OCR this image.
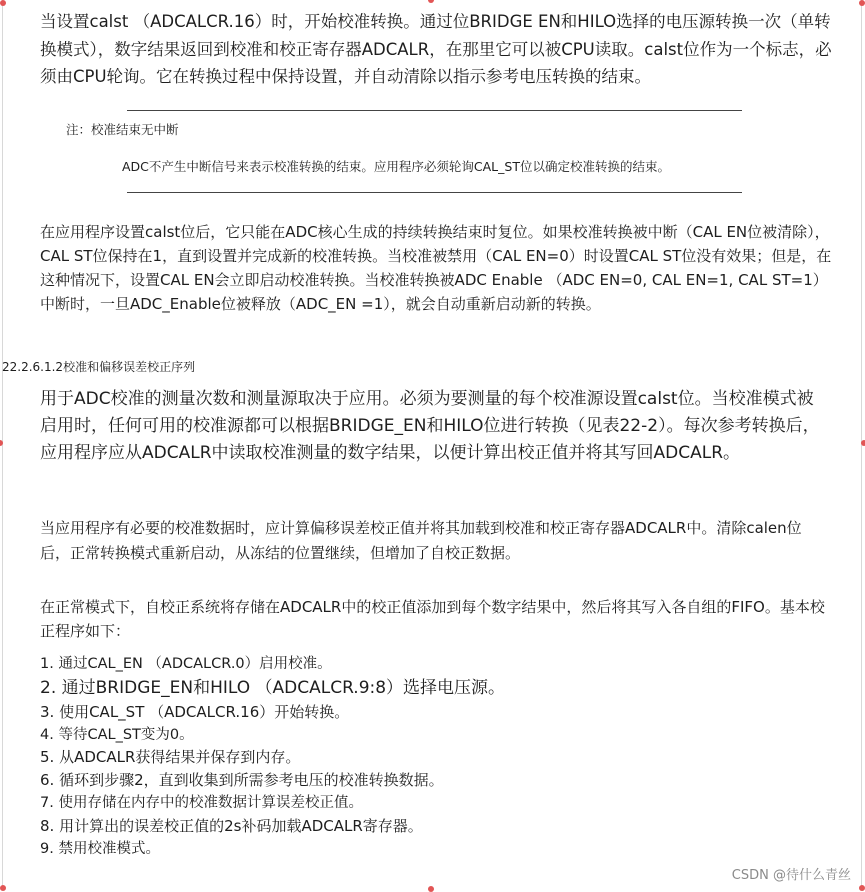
当设置calst （ADCALCR.16）时，开始校准转换。通过位BRIDGE EN和HILO选择的电压源转换一次（单转换模式），数字结果返回到校准和校正寄存器ADCALR，在那里它可以被CPU读取。calst位作为一个标志，必须由CPU轮询。它在转换过程中保持设置，并自动清除以指示参考电压转换的结束。

注：校准结束无中断

ADC不产生中断信号来表示校准转换的结束。应用程序必须轮询CAL_ST位以确定校准转换的结束。

在应用程序设置calst位后，它只能在ADC核心生成的持续转换结束时复位。如果校准转换被中断（CAL EN位被清除），CAL ST位保持在1，直到设置并完成新的校准转换。当校准被禁用（CAL EN=0）时设置CAL ST位没有效果；但是，在这种情况下，设置CAL EN会立即启动校准转换。当校准转换被ADC Enable （ADC EN=0, CAL EN=1, CAL ST=1）中断时，一旦ADC_Enable位被释放（ADC_EN =1），就会自动重新启动新的转换。

22.2.6.1.2校准和偏移误差校正序列

用于ADC校准的测量次数和测量源取决于应用。必须为要测量的每个校准源设置calst位。当校准模式被启用时，任何可用的校准源都可以根据BRIDGE_EN和HILO位进行转换（见表22-2）。每次参考转换后，应用程序应从ADCALR中读取校准测量的数字结果，以便计算出校正值并将其写回ADCALR。

当应用程序有必要的校准数据时，应计算偏移误差校正值并将其加载到校准和校正寄存器ADCALR中。清除calen位后，正常转换模式重新启动，从冻结的位置继续，但增加了自校正数据。

在正常模式下，自校正系统将存储在ADCALR中的校正值添加到每个数字结果中，然后将其写入各自组的FIFO。基本校正程序如下：

1. 通过CAL_EN （ADCALCR.0）启用校准。
2. 通过BRIDGE_EN和HILO （ADCALCR.9:8）选择电压源。
3. 使用CAL_ST （ADCALCR.16）开始转换。
4. 等待CAL_ST变为0。
5. 从ADCALR获得结果并保存到内存。
6. 循环到步骤2，直到收集到所需参考电压的校准转换数据。
7. 使用存储在内存中的校准数据计算误差校正值。
8. 用计算出的误差校正值的2s补码加载ADCALR寄存器。
9. 禁用校准模式。
CSDN @待什么青丝
